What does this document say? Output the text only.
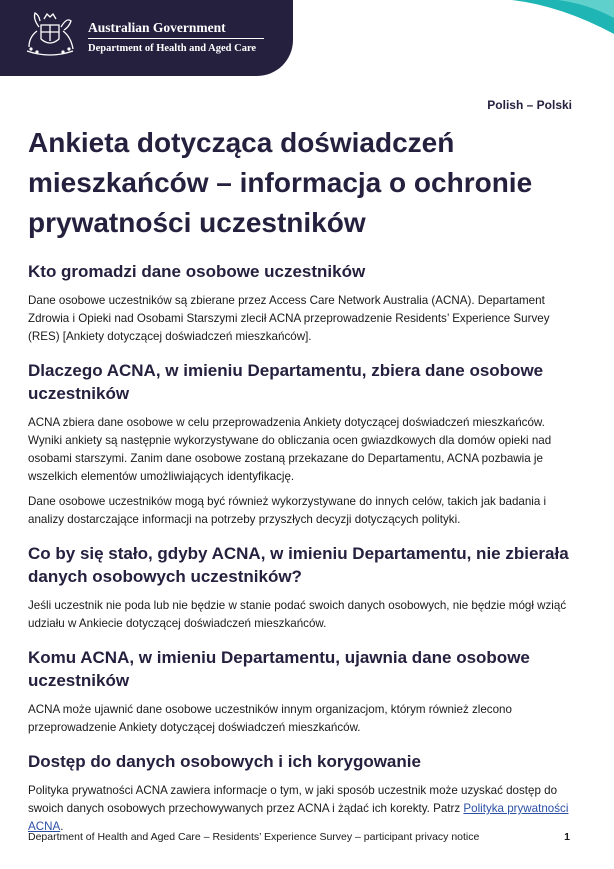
Australian Government
Department of Health and Aged Care
Polish – Polski
Ankieta dotycząca doświadczeń mieszkańców – informacja o ochronie prywatności uczestników
Kto gromadzi dane osobowe uczestników

Dane osobowe uczestników są zbierane przez Access Care Network Australia (ACNA). Departament Zdrowia i Opieki nad Osobami Starszymi zlecił ACNA przeprowadzenie Residents’ Experience Survey (RES) [Ankiety dotyczącej doświadczeń mieszkańców].

Dlaczego ACNA, w imieniu Departamentu, zbiera dane osobowe uczestników

ACNA zbiera dane osobowe w celu przeprowadzenia Ankiety dotyczącej doświadczeń mieszkańców. Wyniki ankiety są następnie wykorzystywane do obliczania ocen gwiazdkowych dla domów opieki nad osobami starszymi. Zanim dane osobowe zostaną przekazane do Departamentu, ACNA pozbawia je wszelkich elementów umożliwiających identyfikację.

Dane osobowe uczestników mogą być również wykorzystywane do innych celów, takich jak badania i analizy dostarczające informacji na potrzeby przyszłych decyzji dotyczących polityki.

Co by się stało, gdyby ACNA, w imieniu Departamentu, nie zbierała danych osobowych uczestników?

Jeśli uczestnik nie poda lub nie będzie w stanie podać swoich danych osobowych, nie będzie mógł wziąć udziału w Ankiecie dotyczącej doświadczeń mieszkańców.

Komu ACNA, w imieniu Departamentu, ujawnia dane osobowe uczestników

ACNA może ujawnić dane osobowe uczestników innym organizacjom, którym również zlecono przeprowadzenie Ankiety dotyczącej doświadczeń mieszkańców.

Dostęp do danych osobowych i ich korygowanie

Polityka prywatności ACNA zawiera informacje o tym, w jaki sposób uczestnik może uzyskać dostęp do swoich danych osobowych przechowywanych przez ACNA i żądać ich korekty. Patrz Polityka prywatności ACNA.

Department of Health and Aged Care – Residents’ Experience Survey – participant privacy notice	1
